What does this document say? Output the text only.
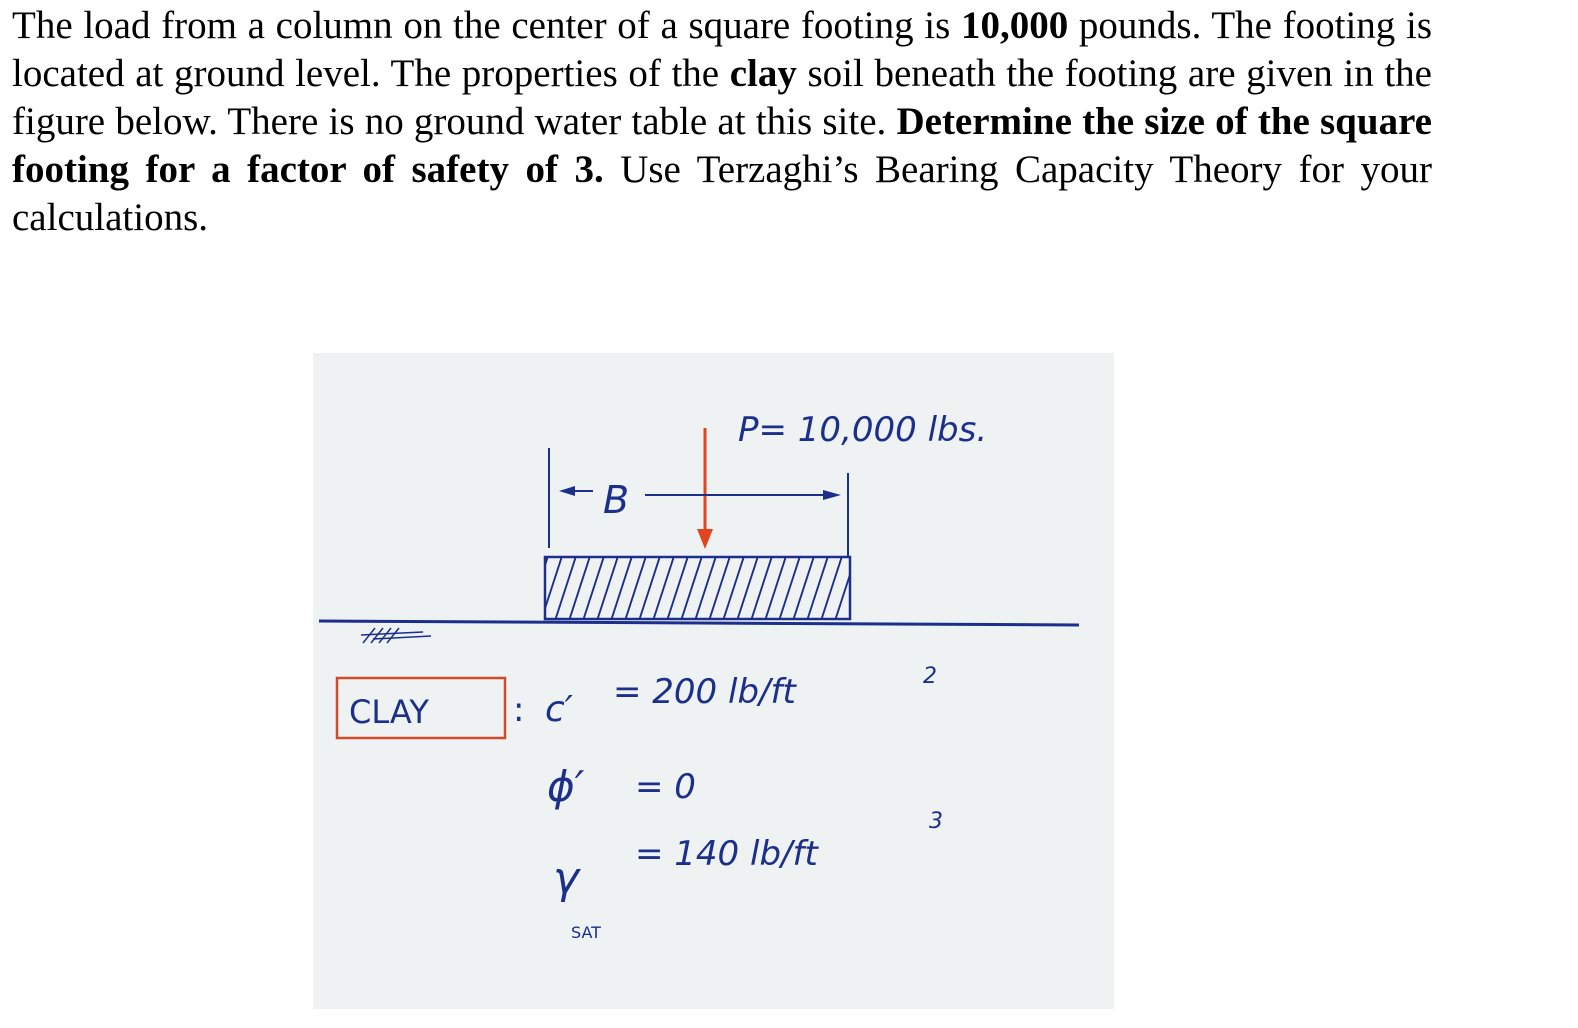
The load from a column on the center of a square footing is 10,000 pounds. The footing is located at ground level. The properties of the clay soil beneath the footing are given in the figure below. There is no ground water table at this site. Determine the size of the square footing for a factor of safety of 3. Use Terzaghi’s Bearing Capacity Theory for your calculations.
P= 10,000 lbs.
B
CLAY : c′ = 200 lb/ft	2
ϕ′ = 0
γ
SAT
= 140 lb/ft
3
